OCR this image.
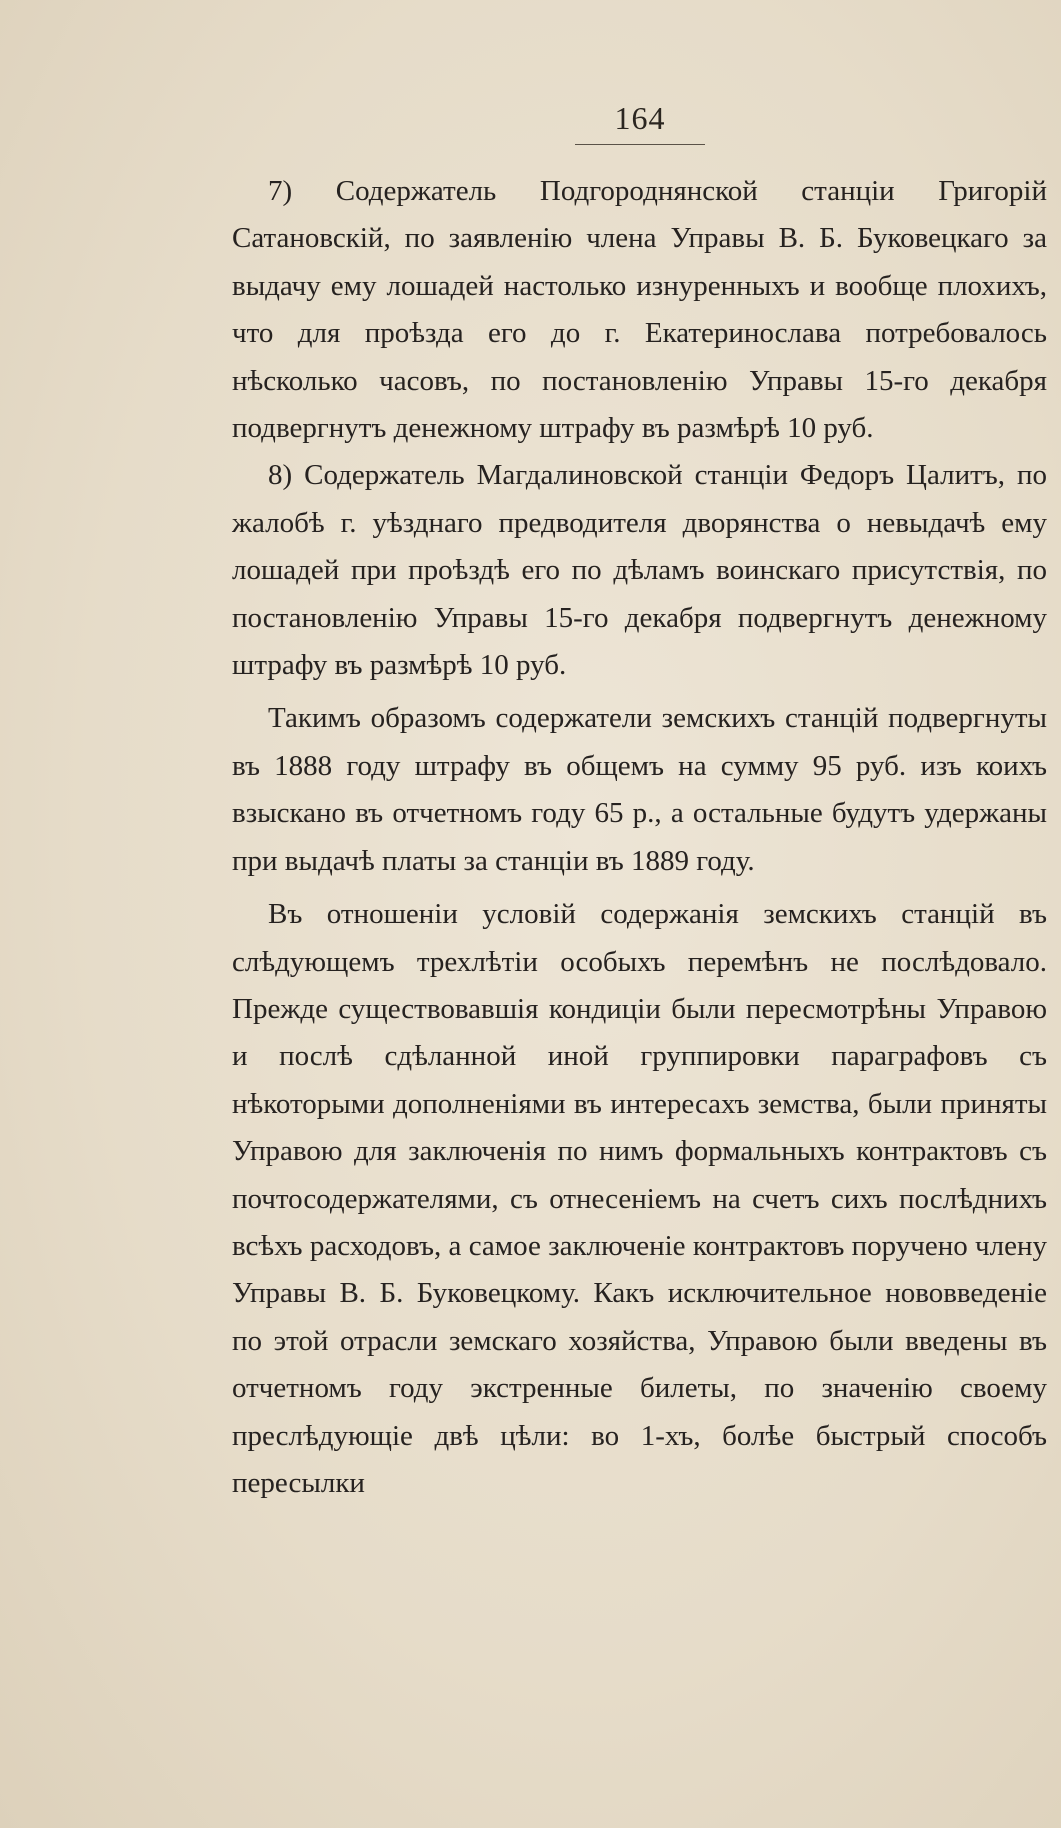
164

7) Содержатель Подгороднянской станціи Григорій Сатановскій, по заявленію члена Управы В. Б. Буковецкаго за выдачу ему лошадей настолько изнуренныхъ и вообще плохихъ, что для проѣзда его до г. Екатеринослава потребовалось нѣсколько часовъ, по постановленію Управы 15-го декабря подвергнутъ денежному штрафу въ размѣрѣ 10 руб.

8) Содержатель Магдалиновской станціи Федоръ Цалитъ, по жалобѣ г. уѣзднаго предводителя дворянства о невыдачѣ ему лошадей при проѣздѣ его по дѣламъ воинскаго присутствія, по постановленію Управы 15-го декабря подвергнутъ денежному штрафу въ размѣрѣ 10 руб.

Такимъ образомъ содержатели земскихъ станцій подвергнуты въ 1888 году штрафу въ общемъ на сумму 95 руб. изъ коихъ взыскано въ отчетномъ году 65 р., а остальные будутъ удержаны при выдачѣ платы за станціи въ 1889 году.

Въ отношеніи условій содержанія земскихъ станцій въ слѣдующемъ трехлѣтіи особыхъ перемѣнъ не послѣдовало. Прежде существовавшія кондиціи были пересмотрѣны Управою и послѣ сдѣланной иной группировки параграфовъ съ нѣкоторыми дополненіями въ интересахъ земства, были приняты Управою для заключенія по нимъ формальныхъ контрактовъ съ почтосодержателями, съ отнесеніемъ на счетъ сихъ послѣднихъ всѣхъ расходовъ, а самое заключеніе контрактовъ поручено члену Управы В. Б. Буковецкому. Какъ исключительное нововведеніе по этой отрасли земскаго хозяйства, Управою были введены въ отчетномъ году экстренные билеты, по значенію своему преслѣдующіе двѣ цѣли: во 1-хъ, болѣе быстрый способъ пересылки
